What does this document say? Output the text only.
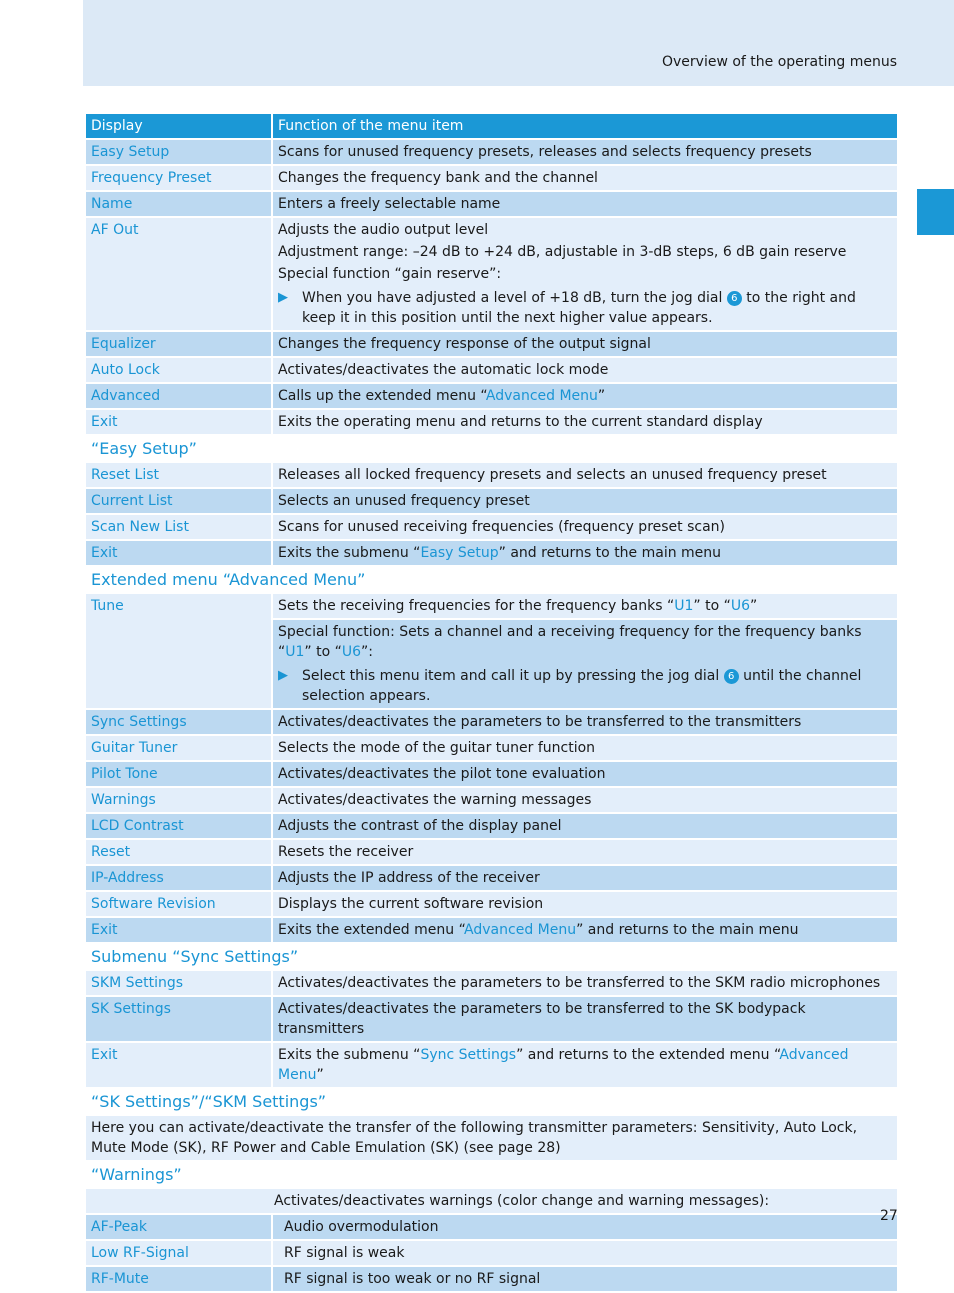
Overview of the operating menus
Display	Function of the menu item
Easy Setup	Scans for unused frequency presets, releases and selects frequency presets
Frequency Preset	Changes the frequency bank and the channel
Name	Enters a freely selectable name
AF Out	Adjusts the audio output level
Adjustment range: –24 dB to +24 dB, adjustable in 3-dB steps, 6 dB gain reserve
Special function “gain reserve”:
▶	When you have adjusted a level of +18 dB, turn the jog dial 6 to the right and keep it in this position until the next higher value appears.
Equalizer	Changes the frequency response of the output signal
Auto Lock	Activates/deactivates the automatic lock mode
Advanced	Calls up the extended menu “Advanced Menu”
Exit	Exits the operating menu and returns to the current standard display
“Easy Setup”
Reset List	Releases all locked frequency presets and selects an unused frequency preset
Current List	Selects an unused frequency preset
Scan New List	Scans for unused receiving frequencies (frequency preset scan)
Exit	Exits the submenu “Easy Setup” and returns to the main menu
Extended menu “Advanced Menu”
Tune	Sets the receiving frequencies for the frequency banks “U1” to “U6”
Special function: Sets a channel and a receiving frequency for the frequency banks “U1” to “U6”:
▶	Select this menu item and call it up by pressing the jog dial 6 until the channel selection appears.
Sync Settings	Activates/deactivates the parameters to be transferred to the transmitters
Guitar Tuner	Selects the mode of the guitar tuner function
Pilot Tone	Activates/deactivates the pilot tone evaluation
Warnings	Activates/deactivates the warning messages
LCD Contrast	Adjusts the contrast of the display panel
Reset	Resets the receiver
IP-Address	Adjusts the IP address of the receiver
Software Revision	Displays the current software revision
Exit	Exits the extended menu “Advanced Menu” and returns to the main menu
Submenu “Sync Settings”
SKM Settings	Activates/deactivates the parameters to be transferred to the SKM radio microphones
SK Settings	Activates/deactivates the parameters to be transferred to the SK bodypack transmitters
Exit	Exits the submenu “Sync Settings” and returns to the extended menu “Advanced Menu”
“SK Settings”/“SKM Settings”
Here you can activate/deactivate the transfer of the following transmitter parameters: Sensitivity, Auto Lock, Mute Mode (SK), RF Power and Cable Emulation (SK) (see page 28)
“Warnings”
Activates/deactivates warnings (color change and warning messages):
AF-Peak	Audio overmodulation
Low RF-Signal	RF signal is weak
RF-Mute	RF signal is too weak or no RF signal
27
